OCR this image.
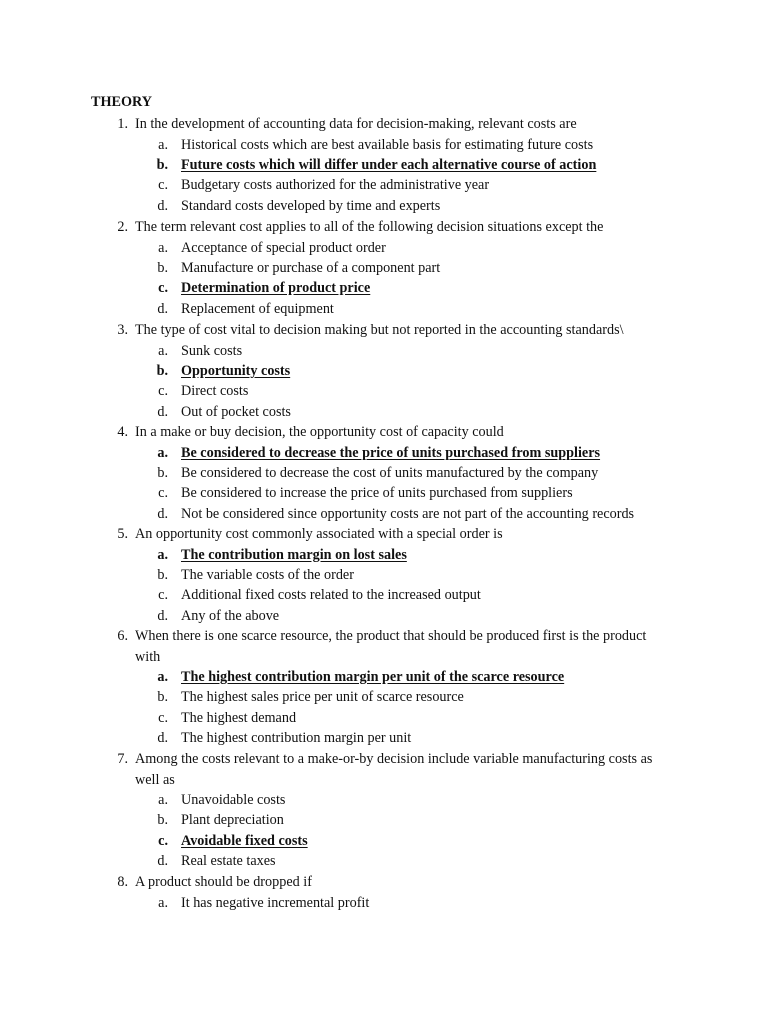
THEORY
1. In the development of accounting data for decision-making, relevant costs are
a. Historical costs which are best available basis for estimating future costs
b. Future costs which will differ under each alternative course of action
c. Budgetary costs authorized for the administrative year
d. Standard costs developed by time and experts
2. The term relevant cost applies to all of the following decision situations except the
a. Acceptance of special product order
b. Manufacture or purchase of a component part
c. Determination of product price
d. Replacement of equipment
3. The type of cost vital to decision making but not reported in the accounting standards\
a. Sunk costs
b. Opportunity costs
c. Direct costs
d. Out of pocket costs
4. In a make or buy decision, the opportunity cost of capacity could
a. Be considered to decrease the price of units purchased from suppliers
b. Be considered to decrease the cost of units manufactured by the company
c. Be considered to increase the price of units purchased from suppliers
d. Not be considered since opportunity costs are not part of the accounting records
5. An opportunity cost commonly associated with a special order is
a. The contribution margin on lost sales
b. The variable costs of the order
c. Additional fixed costs related to the increased output
d. Any of the above
6. When there is one scarce resource, the product that should be produced first is the product with
a. The highest contribution margin per unit of the scarce resource
b. The highest sales price per unit of scarce resource
c. The highest demand
d. The highest contribution margin per unit
7. Among the costs relevant to a make-or-by decision include variable manufacturing costs as well as
a. Unavoidable costs
b. Plant depreciation
c. Avoidable fixed costs
d. Real estate taxes
8. A product should be dropped if
a. It has negative incremental profit
